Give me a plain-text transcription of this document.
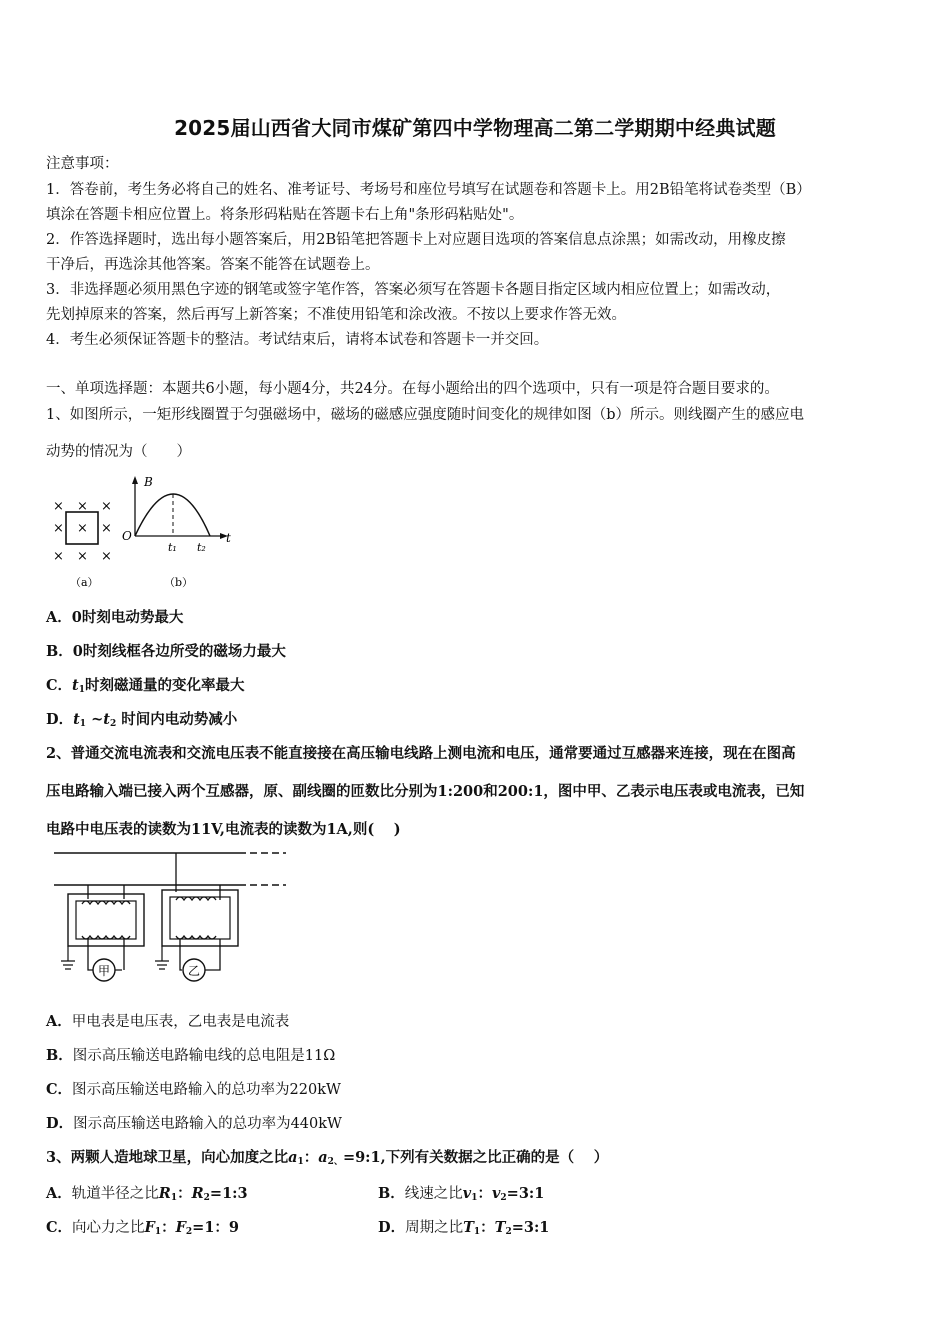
2025届山西省大同市煤矿第四中学物理高二第二学期期中经典试题
注意事项：
1．答卷前，考生务必将自己的姓名、准考证号、考场号和座位号填写在试题卷和答题卡上。用2B铅笔将试卷类型（B）
填涂在答题卡相应位置上。将条形码粘贴在答题卡右上角"条形码粘贴处"。
2．作答选择题时，选出每小题答案后，用2B铅笔把答题卡上对应题目选项的答案信息点涂黑；如需改动，用橡皮擦
干净后，再选涂其他答案。答案不能答在试题卷上。
3．非选择题必须用黑色字迹的钢笔或签字笔作答，答案必须写在答题卡各题目指定区域内相应位置上；如需改动，
先划掉原来的答案，然后再写上新答案；不准使用铅笔和涂改液。不按以上要求作答无效。
4．考生必须保证答题卡的整洁。考试结束后，请将本试卷和答题卡一并交回。
一、单项选择题：本题共6小题，每小题4分，共24分。在每小题给出的四个选项中，只有一项是符合题目要求的。
1、如图所示，一矩形线圈置于匀强磁场中，磁场的磁感应强度随时间变化的规律如图（b）所示。则线圈产生的感应电
动势的情况为（　　）
× × ×
× × ×
× × ×
（a）
B
t
O
t₁ t₂
（b）
A．0时刻电动势最大
B．0时刻线框各边所受的磁场力最大
C．$t_1$时刻磁通量的变化率最大
D．$t_1$ $\sim t_2$ 时间内电动势减小
2、普通交流电流表和交流电压表不能直接接在高压输电线路上测电流和电压，通常要通过互感器来连接，现在在图高
压电路输入端已接入两个互感器，原、副线圈的匝数比分别为1:200和200:1，图中甲、乙表示电压表或电流表，已知
电路中电压表的读数为11V,电流表的读数为1A,则(　 )
甲	乙
A．甲电表是电压表，乙电表是电流表
B．图示高压输送电路输电线的总电阻是11Ω
C．图示高压输送电路输入的总功率为220kW
D．图示高压输送电路输入的总功率为440kW
3、两颗人造地球卫星，向心加度之比$a_1$：$a_{2、}=9:1$,下列有关数据之比正确的是（　 ）
A．轨道半径之比$R_1$：$R_2=1:3$	B．线速之比$v_1$：$v_2=3:1$
C．向心力之比$F_1$：$F_2=1$：9	D．周期之比$T_1$：$T_2=3:1$
